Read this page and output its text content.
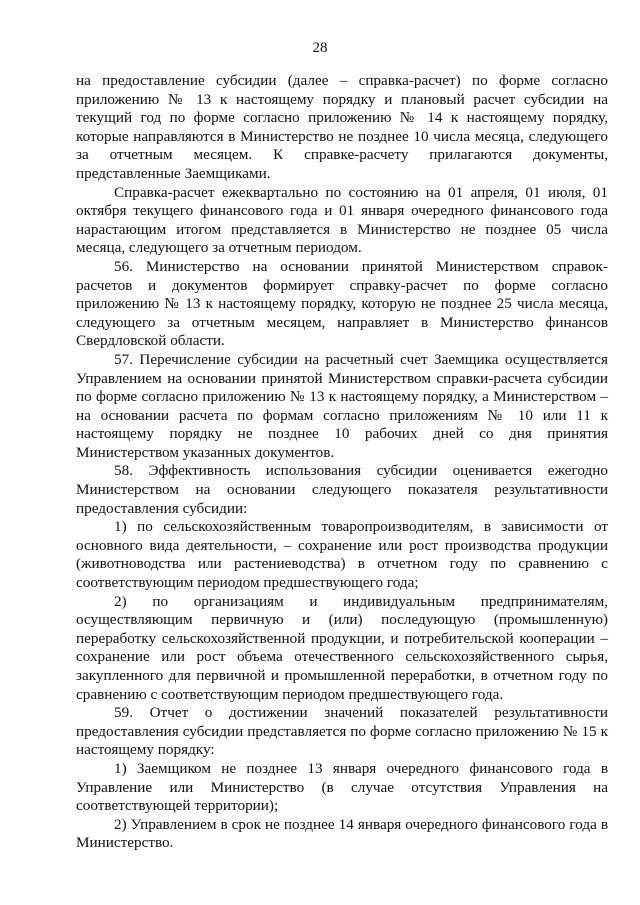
28

на предоставление субсидии (далее – справка-расчет) по форме согласно приложению № 13 к настоящему порядку и плановый расчет субсидии на текущий год по форме согласно приложению № 14 к настоящему порядку, которые направляются в Министерство не позднее 10 числа месяца, следующего за отчетным месяцем. К справке-расчету прилагаются документы, представленные Заемщиками.

Справка-расчет ежеквартально по состоянию на 01 апреля, 01 июля, 01 октября текущего финансового года и 01 января очередного финансового года нарастающим итогом представляется в Министерство не позднее 05 числа месяца, следующего за отчетным периодом.

56. Министерство на основании принятой Министерством справок-расчетов и документов формирует справку-расчет по форме согласно приложению № 13 к настоящему порядку, которую не позднее 25 числа месяца, следующего за отчетным месяцем, направляет в Министерство финансов Свердловской области.

57. Перечисление субсидии на расчетный счет Заемщика осуществляется Управлением на основании принятой Министерством справки-расчета субсидии по форме согласно приложению № 13 к настоящему порядку, а Министерством – на основании расчета по формам согласно приложениям № 10 или 11 к настоящему порядку не позднее 10 рабочих дней со дня принятия Министерством указанных документов.

58. Эффективность использования субсидии оценивается ежегодно Министерством на основании следующего показателя результативности предоставления субсидии:

1) по сельскохозяйственным товаропроизводителям, в зависимости от основного вида деятельности, – сохранение или рост производства продукции (животноводства или растениеводства) в отчетном году по сравнению с соответствующим периодом предшествующего года;

2) по организациям и индивидуальным предпринимателям, осуществляющим первичную и (или) последующую (промышленную) переработку сельскохозяйственной продукции, и потребительской кооперации – сохранение или рост объема отечественного сельскохозяйственного сырья, закупленного для первичной и промышленной переработки, в отчетном году по сравнению с соответствующим периодом предшествующего года.

59. Отчет о достижении значений показателей результативности предоставления субсидии представляется по форме согласно приложению № 15 к настоящему порядку:

1) Заемщиком не позднее 13 января очередного финансового года в Управление или Министерство (в случае отсутствия Управления на соответствующей территории);

2) Управлением в срок не позднее 14 января очередного финансового года в Министерство.
